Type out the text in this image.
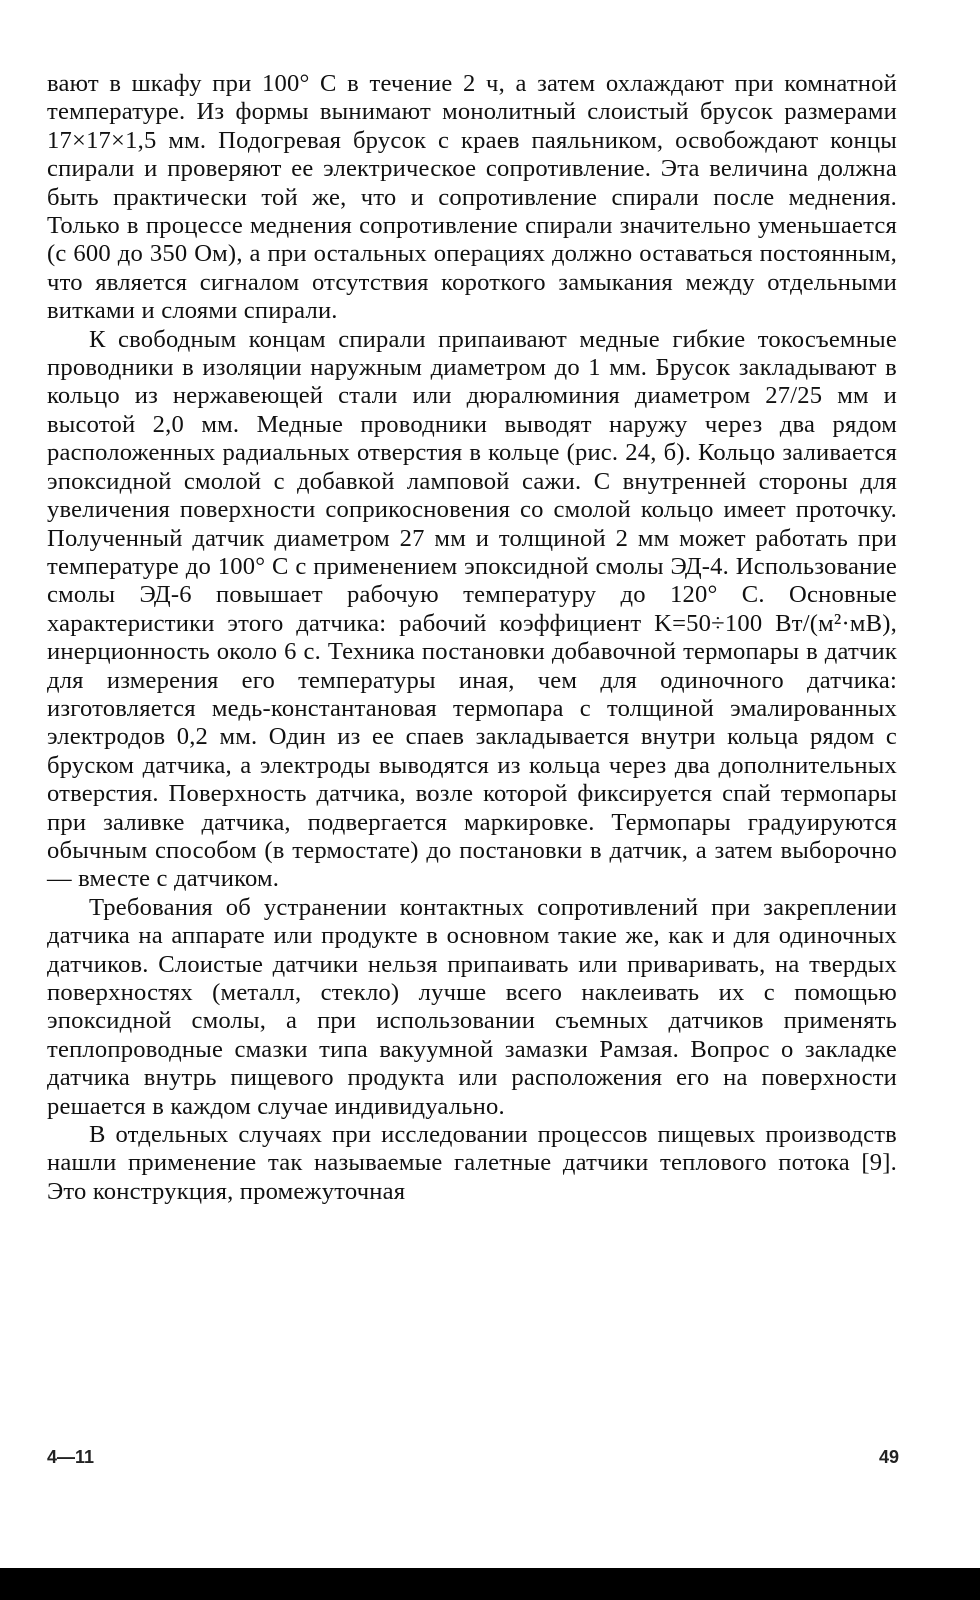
вают в шкафу при 100° С в течение 2 ч, а затем охлаждают при комнатной температуре. Из формы вынимают монолитный слоистый брусок размерами 17×17×1,5 мм. Подогревая брусок с краев паяльником, освобождают концы спирали и проверяют ее электрическое сопротивление. Эта величина должна быть практически той же, что и сопротивление спирали после меднения. Только в процессе меднения сопротивление спирали значительно уменьшается (с 600 до 350 Ом), а при остальных операциях должно оставаться постоянным, что является сигналом отсутствия короткого замыкания между отдельными витками и слоями спирали.

К свободным концам спирали припаивают медные гибкие токосъемные проводники в изоляции наружным диаметром до 1 мм. Брусок закладывают в кольцо из нержавеющей стали или дюралюминия диаметром 27/25 мм и высотой 2,0 мм. Медные проводники выводят наружу через два рядом расположенных радиальных отверстия в кольце (рис. 24, б). Кольцо заливается эпоксидной смолой с добавкой ламповой сажи. С внутренней стороны для увеличения поверхности соприкосновения со смолой кольцо имеет проточку. Полученный датчик диаметром 27 мм и толщиной 2 мм может работать при температуре до 100° С с применением эпоксидной смолы ЭД-4. Использование смолы ЭД-6 повышает рабочую температуру до 120° С. Основные характеристики этого датчика: рабочий коэффициент K=50÷100 Вт/(м²·мВ), инерционность около 6 с. Техника постановки добавочной термопары в датчик для измерения его температуры иная, чем для одиночного датчика: изготовляется медь-константановая термопара с толщиной эмалированных электродов 0,2 мм. Один из ее спаев закладывается внутри кольца рядом с бруском датчика, а электроды выводятся из кольца через два дополнительных отверстия. Поверхность датчика, возле которой фиксируется спай термопары при заливке датчика, подвергается маркировке. Термопары градуируются обычным способом (в термостате) до постановки в датчик, а затем выборочно — вместе с датчиком.

Требования об устранении контактных сопротивлений при закреплении датчика на аппарате или продукте в основном такие же, как и для одиночных датчиков. Слоистые датчики нельзя припаивать или приваривать, на твердых поверхностях (металл, стекло) лучше всего наклеивать их с помощью эпоксидной смолы, а при использовании съемных датчиков применять теплопроводные смазки типа вакуумной замазки Рамзая. Вопрос о закладке датчика внутрь пищевого продукта или расположения его на поверхности решается в каждом случае индивидуально.

В отдельных случаях при исследовании процессов пищевых производств нашли применение так называемые галетные датчики теплового потока [9]. Это конструкция, промежуточная

4—11	49
